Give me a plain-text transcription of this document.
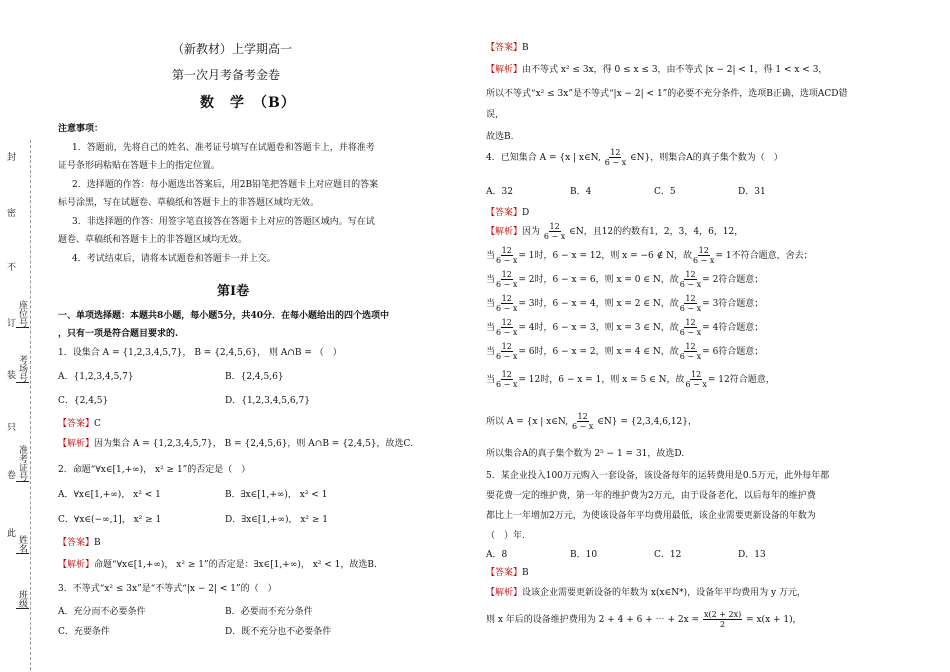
封
密
不
订
装
只
卷
此
座位号
考场号
准考证号
姓名
班级
（新教材）上学期高一
第一次月考备考金卷
数　学　（B）
注意事项：
1．答题前，先将自己的姓名、准考证号填写在试题卷和答题卡上，并将准考
证号条形码粘贴在答题卡上的指定位置。
2．选择题的作答：每小题选出答案后，用2B铅笔把答题卡上对应题目的答案
标号涂黑，写在试题卷、草稿纸和答题卡上的非答题区域均无效。
3．非选择题的作答：用签字笔直接答在答题卡上对应的答题区域内。写在试
题卷、草稿纸和答题卡上的非答题区域均无效。
4．考试结束后，请将本试题卷和答题卡一并上交。
第Ⅰ卷
一、单项选择题：本题共8小题，每小题5分，共40分．在每小题给出的四个选项中
，只有一项是符合题目要求的.
1．设集合 A = {1,2,3,4,5,7}， B = {2,4,5,6}， 则 A∩B = （　）
A．{1,2,3,4,5,7}	B．{2,4,5,6}
C．{2,4,5}	D．{1,2,3,4,5,6,7}
【答案】C
【解析】因为集合 A = {1,2,3,4,5,7}， B = {2,4,5,6}，则 A∩B = {2,4,5}，故选C.
2．命题“∀x∈[1,+∞)， x² ≥ 1”的否定是（　）
A．∀x∈[1,+∞)， x² < 1	B．∃x∈[1,+∞)， x² < 1
C．∀x∈(−∞,1]， x² ≥ 1	D．∃x∈[1,+∞)， x² ≥ 1
【答案】B
【解析】命题“∀x∈[1,+∞)， x² ≥ 1”的否定是：∃x∈[1,+∞)， x² < 1，故选B.
3．不等式“x² ≤ 3x”是“不等式“|x − 2| < 1”的（　）
A．充分而不必要条件	B．必要而不充分条件
C．充要条件	D．既不充分也不必要条件
【答案】B
【解析】由不等式 x² ≤ 3x，得 0 ≤ x ≤ 3，由不等式 |x − 2| < 1，得 1 < x < 3，
所以不等式“x² ≤ 3x”是不等式“|x − 2| < 1”的必要不充分条件，选项B正确，选项ACD错
误，
故选B.
4．已知集合 A = {x | x∈N, $\frac{12}{6 - x}$ ∈N}，则集合A的真子集个数为（　）
A．32	B．4	C．5	D．31
【答案】D
【解析】因为 $\frac{12}{6 - x}$ ∈N，且12的约数有1，2，3，4，6，12，
当 $\frac{12}{6 - x} = 1$时，6 − x = 12，则 x = −6 ∉ N，故 $\frac{12}{6 - x} = 1$不符合题意，舍去；
当 $\frac{12}{6 - x} = 2$时，6 − x = 6，则 x = 0 ∈ N，故 $\frac{12}{6 - x} = 2$符合题意；
当 $\frac{12}{6 - x} = 3$时，6 − x = 4，则 x = 2 ∈ N，故 $\frac{12}{6 - x} = 3$符合题意；
当 $\frac{12}{6 - x} = 4$时，6 − x = 3，则 x = 3 ∈ N，故 $\frac{12}{6 - x} = 4$符合题意；
当 $\frac{12}{6 - x} = 6$时，6 − x = 2，则 x = 4 ∈ N，故 $\frac{12}{6 - x} = 6$符合题意；
当 $\frac{12}{6 - x} = 12$时，6 − x = 1，则 x = 5 ∈ N，故 $\frac{12}{6 - x} = 12$符合题意，
所以 A = {x | x∈N, $\frac{12}{6 - x}$ ∈N} = {2,3,4,6,12}，
所以集合A的真子集个数为 2⁵ − 1 = 31，故选D.
5．某企业投入100万元购入一套设备，该设备每年的运转费用是0.5万元，此外每年都
要花费一定的维护费，第一年的维护费为2万元，由于设备老化，以后每年的维护费
都比上一年增加2万元，为使该设备年平均费用最低，该企业需要更新设备的年数为
（　）年.
A．8	B．10	C．12	D．13
【答案】B
【解析】设该企业需要更新设备的年数为 x(x∈N*)，设备年平均费用为 y 万元，
则 x 年后的设备维护费用为 2 + 4 + 6 + ⋯ + $2x = \frac{x(2 + 2x)}{2} = x(x + 1)$，
